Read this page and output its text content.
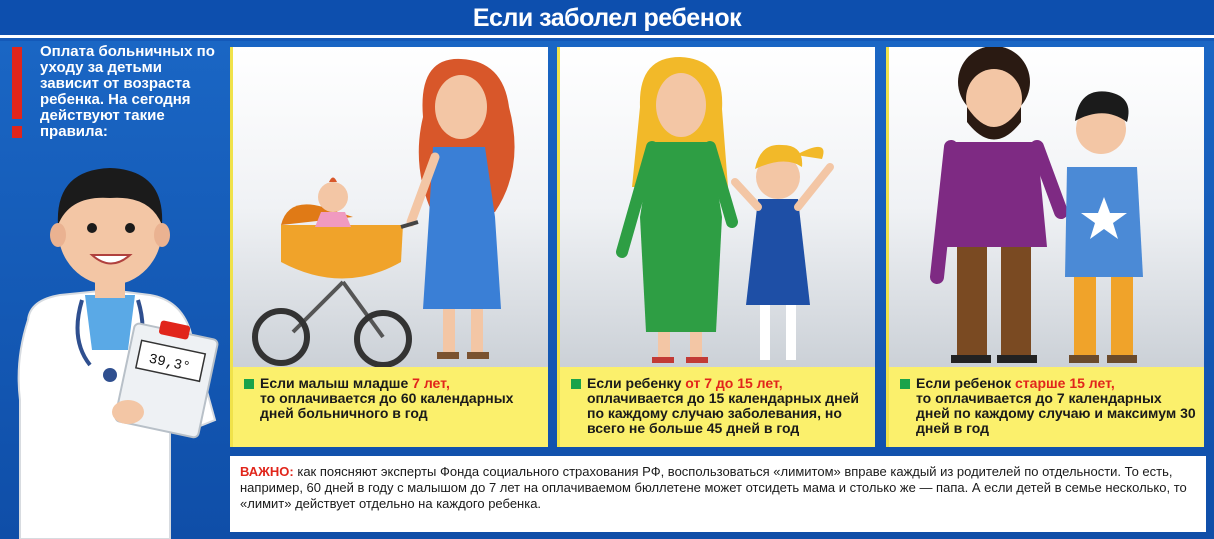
Если заболел ребенок
Оплата больничных по уходу за детьми зависит от возраста ребенка. На сегодня действуют такие правила:
39,3°
Если малыш младше 7 лет,
то оплачивается до 60 календарных дней больничного в год
Если ребенку от 7 до 15 лет,
оплачивается до 15 календарных дней по каждому случаю заболевания, но всего не больше 45 дней в год
Если ребенок старше 15 лет,
то оплачивается до 7 календарных дней по каждому случаю и максимум 30 дней в год
ВАЖНО: как поясняют эксперты Фонда социального страхования РФ, воспользоваться «лимитом» вправе каждый из родителей по отдельности. То есть, например, 60 дней в году с малышом до 7 лет на оплачиваемом бюллетене может отсидеть мама и столько же — папа. А если детей в семье несколько, то «лимит» действует отдельно на каждого ребенка.
